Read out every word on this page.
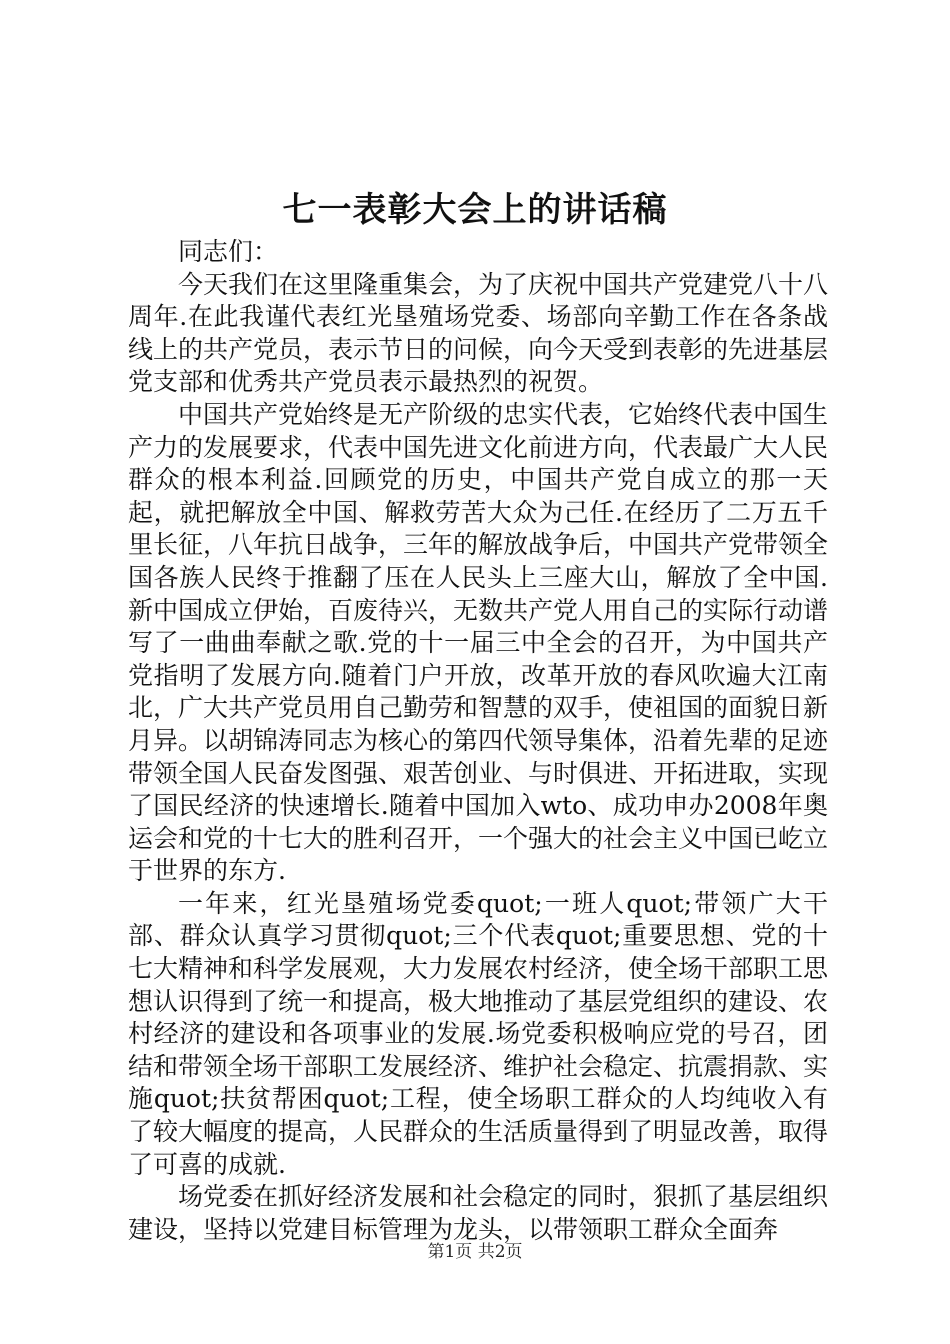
七一表彰大会上的讲话稿

同志们：

今天我们在这里隆重集会，为了庆祝中国共产党建党八十八周年.在此我谨代表红光垦殖场党委、场部向辛勤工作在各条战线上的共产党员，表示节日的问候，向今天受到表彰的先进基层党支部和优秀共产党员表示最热烈的祝贺。

中国共产党始终是无产阶级的忠实代表，它始终代表中国生产力的发展要求，代表中国先进文化前进方向，代表最广大人民群众的根本利益.回顾党的历史，中国共产党自成立的那一天起，就把解放全中国、解救劳苦大众为己任.在经历了二万五千里长征，八年抗日战争，三年的解放战争后，中国共产党带领全国各族人民终于推翻了压在人民头上三座大山，解放了全中国.新中国成立伊始，百废待兴，无数共产党人用自己的实际行动谱写了一曲曲奉献之歌.党的十一届三中全会的召开，为中国共产党指明了发展方向.随着门户开放，改革开放的春风吹遍大江南北，广大共产党员用自己勤劳和智慧的双手，使祖国的面貌日新月异。以胡锦涛同志为核心的第四代领导集体，沿着先辈的足迹带领全国人民奋发图强、艰苦创业、与时俱进、开拓进取，实现了国民经济的快速增长.随着中国加入wto、成功申办2008年奥运会和党的十七大的胜利召开，一个强大的社会主义中国已屹立于世界的东方.

一年来，红光垦殖场党委quot;一班人quot;带领广大干部、群众认真学习贯彻quot;三个代表quot;重要思想、党的十七大精神和科学发展观，大力发展农村经济，使全场干部职工思想认识得到了统一和提高，极大地推动了基层党组织的建设、农村经济的建设和各项事业的发展.场党委积极响应党的号召，团结和带领全场干部职工发展经济、维护社会稳定、抗震捐款、实施quot;扶贫帮困quot;工程，使全场职工群众的人均纯收入有了较大幅度的提高，人民群众的生活质量得到了明显改善，取得了可喜的成就.

场党委在抓好经济发展和社会稳定的同时，狠抓了基层组织建设，坚持以党建目标管理为龙头，以带领职工群众全面奔

第1页 共2页
